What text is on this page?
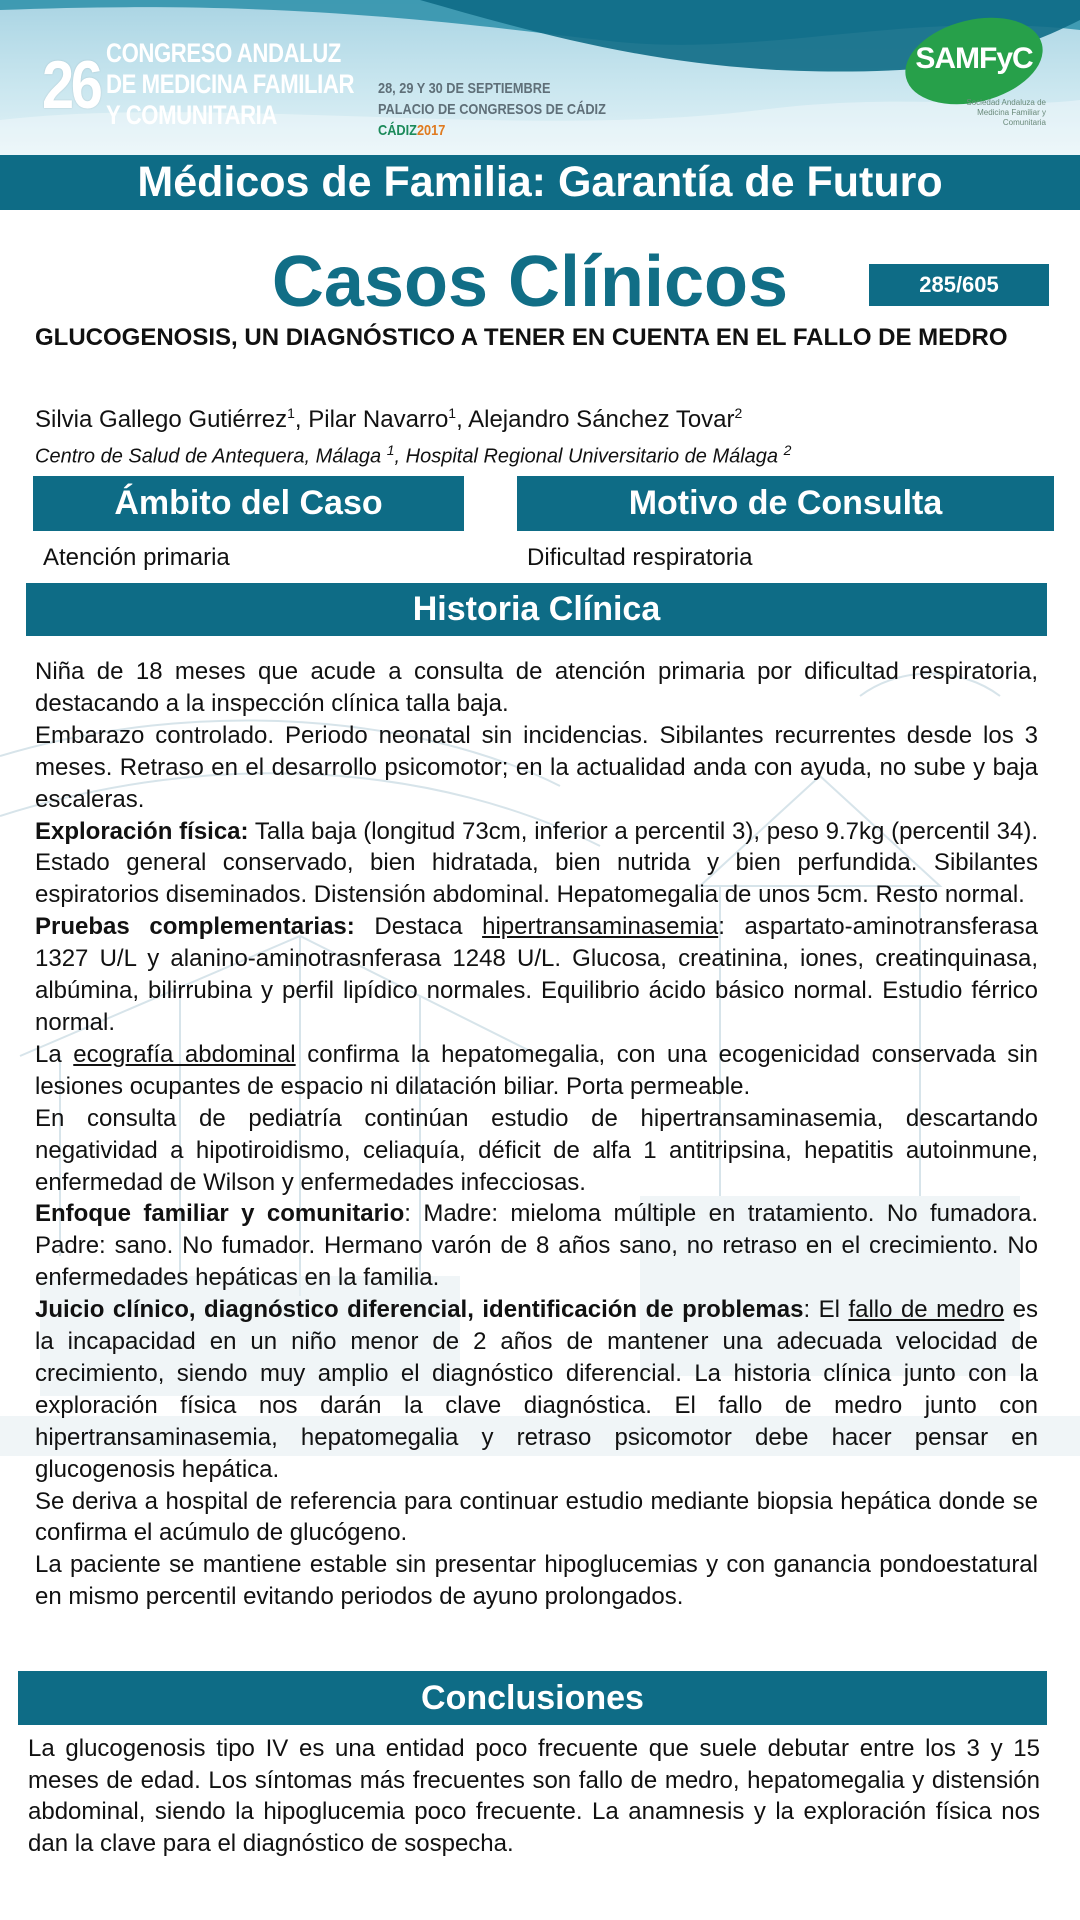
26 CONGRESO ANDALUZ
DE MEDICINA FAMILIAR
Y COMUNITARIA
28, 29 Y 30 DE SEPTIEMBRE
PALACIO DE CONGRESOS DE CÁDIZ
CÁDIZ2017
SAMFyC
Sociedad Andaluza de Medicina Familiar y Comunitaria
Médicos de Familia: Garantía de Futuro
Casos Clínicos	285/605
GLUCOGENOSIS, UN DIAGNÓSTICO A TENER EN CUENTA EN EL FALLO DE MEDRO
Silvia Gallego Gutiérrez$^1$, Pilar Navarro$^1$, Alejandro Sánchez Tovar$^2$
Centro de Salud de Antequera, Málaga $^1$, Hospital Regional Universitario de Málaga $^2$
Ámbito del Caso	Motivo de Consulta
Atención primaria	Dificultad respiratoria
Historia Clínica

Niña de 18 meses que acude a consulta de atención primaria por dificultad respiratoria, destacando a la inspección clínica talla baja.

Embarazo controlado. Periodo neonatal sin incidencias. Sibilantes recurrentes desde los 3 meses. Retraso en el desarrollo psicomotor; en la actualidad anda con ayuda, no sube y baja escaleras.

Exploración física: Talla baja (longitud 73cm, inferior a percentil 3), peso 9.7kg (percentil 34). Estado general conservado, bien hidratada, bien nutrida y bien perfundida. Sibilantes espiratorios diseminados. Distensión abdominal. Hepatomegalia de unos 5cm. Resto normal.

Pruebas complementarias: Destaca hipertransaminasemia: aspartato-aminotransferasa 1327 U/L y alanino-aminotrasnferasa 1248 U/L. Glucosa, creatinina, iones, creatinquinasa, albúmina, bilirrubina y perfil lipídico normales. Equilibrio ácido básico normal. Estudio férrico normal.

La ecografía abdominal confirma la hepatomegalia, con una ecogenicidad conservada sin lesiones ocupantes de espacio ni dilatación biliar. Porta permeable.

En consulta de pediatría continúan estudio de hipertransaminasemia, descartando negatividad a hipotiroidismo, celiaquía, déficit de alfa 1 antitripsina, hepatitis autoinmune, enfermedad de Wilson y enfermedades infecciosas.

Enfoque familiar y comunitario: Madre: mieloma múltiple en tratamiento. No fumadora. Padre: sano. No fumador. Hermano varón de 8 años sano, no retraso en el crecimiento. No enfermedades hepáticas en la familia.

Juicio clínico, diagnóstico diferencial, identificación de problemas: El fallo de medro es la incapacidad en un niño menor de 2 años de mantener una adecuada velocidad de crecimiento, siendo muy amplio el diagnóstico diferencial. La historia clínica junto con la exploración física nos darán la clave diagnóstica. El fallo de medro junto con hipertransaminasemia, hepatomegalia y retraso psicomotor debe hacer pensar en glucogenosis hepática.

Se deriva a hospital de referencia para continuar estudio mediante biopsia hepática donde se confirma el acúmulo de glucógeno.

La paciente se mantiene estable sin presentar hipoglucemias y con ganancia pondoestatural en mismo percentil evitando periodos de ayuno prolongados.

Conclusiones
La glucogenosis tipo IV es una entidad poco frecuente que suele debutar entre los 3 y 15 meses de edad. Los síntomas más frecuentes son fallo de medro, hepatomegalia y distensión abdominal, siendo la hipoglucemia poco frecuente. La anamnesis y la exploración física nos dan la clave para el diagnóstico de sospecha.
